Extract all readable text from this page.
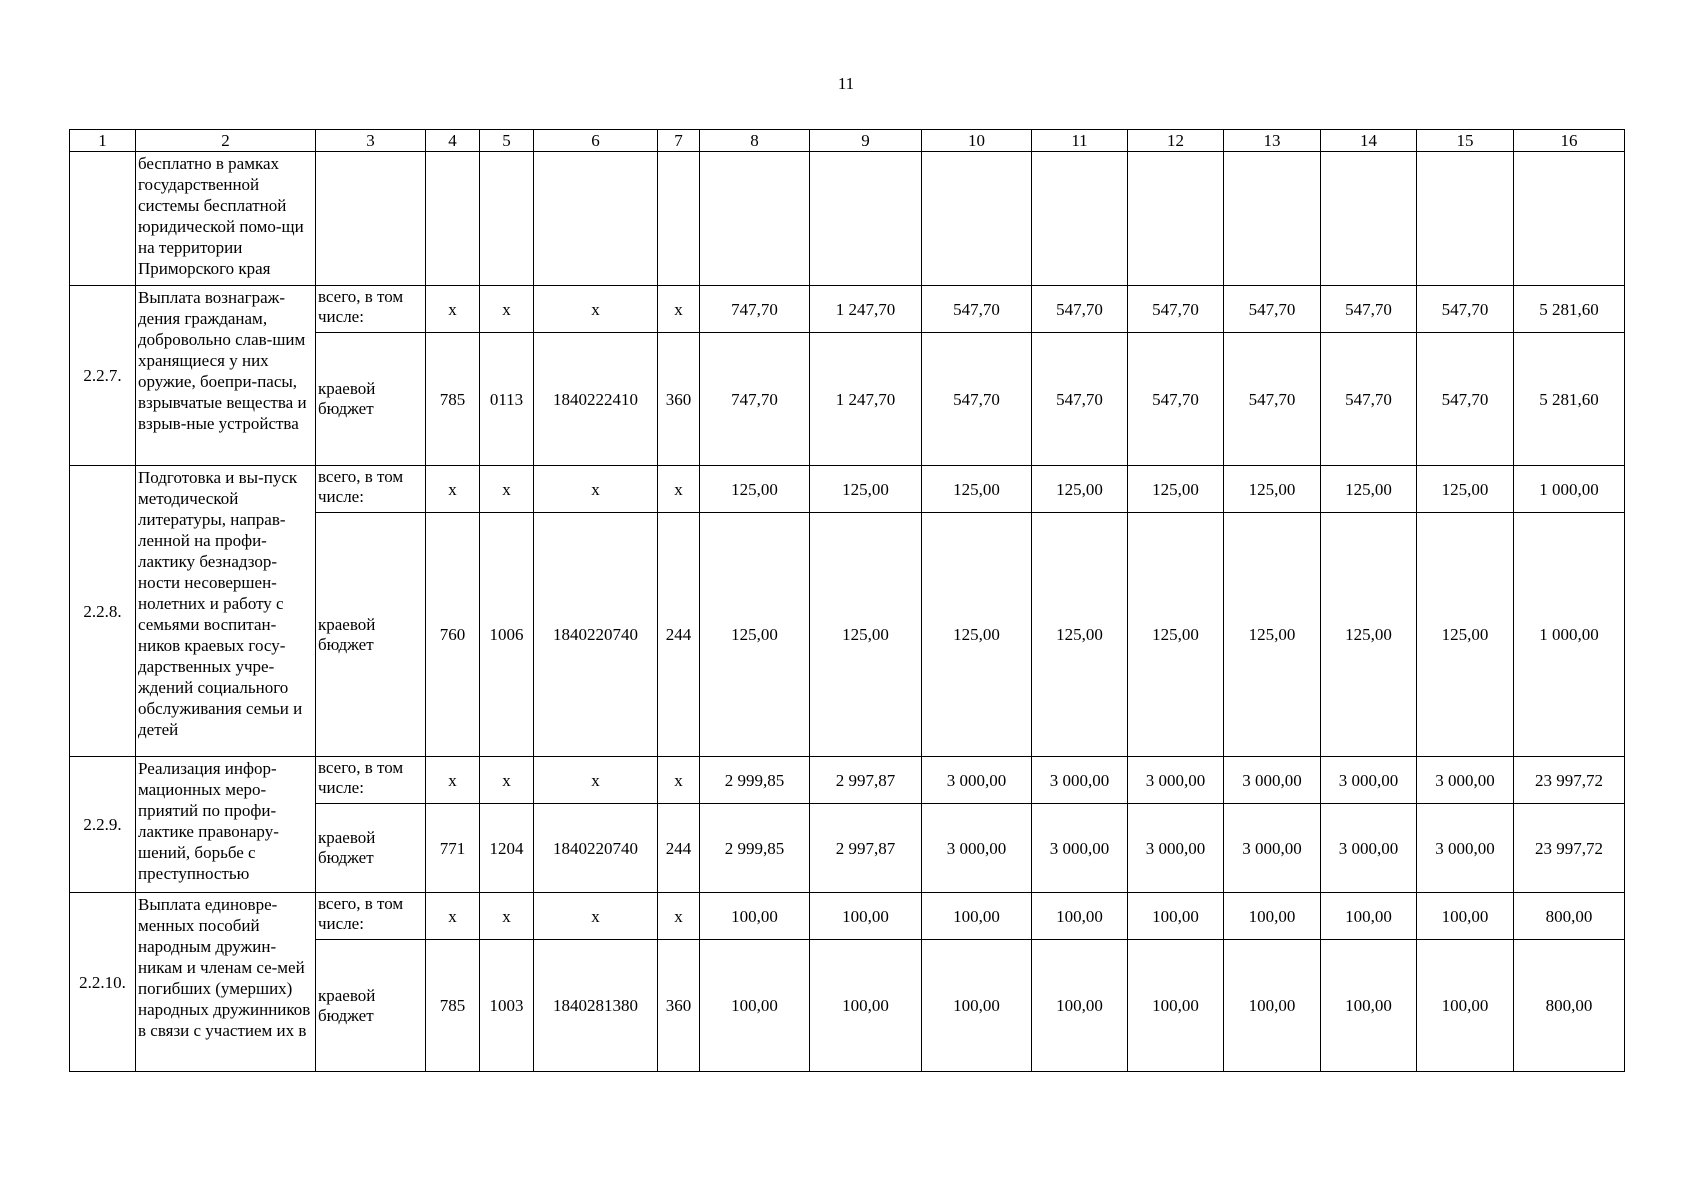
11
1	2	3	4	5	6	7	8	9	10	11	12	13	14	15	16
	бесплатно в рамках государственной системы бесплатной юридической помо-щи на территории Приморского края														
2.2.7.	Выплата вознаграж-дения гражданам, добровольно слав-шим хранящиеся у них оружие, боепри-пасы, взрывчатые вещества и взрыв-ные устройства	всего, в том числе:	x	x	x	x	747,70	1 247,70	547,70	547,70	547,70	547,70	547,70	547,70	5 281,60
		краевой бюджет	785	0113	1840222410	360	747,70	1 247,70	547,70	547,70	547,70	547,70	547,70	547,70	5 281,60
2.2.8.	Подготовка и вы-пуск методической литературы, направ-ленной на профи-лактику безнадзор-ности несовершен-нолетних и работу с семьями воспитан-ников краевых госу-дарственных учре-ждений социального обслуживания семьи и детей	всего, в том числе:	x	x	x	x	125,00	125,00	125,00	125,00	125,00	125,00	125,00	125,00	1 000,00
		краевой бюджет	760	1006	1840220740	244	125,00	125,00	125,00	125,00	125,00	125,00	125,00	125,00	1 000,00
2.2.9.	Реализация инфор-мационных меро-приятий по профи-лактике правонару-шений, борьбе с преступностью	всего, в том числе:	x	x	x	x	2 999,85	2 997,87	3 000,00	3 000,00	3 000,00	3 000,00	3 000,00	3 000,00	23 997,72
		краевой бюджет	771	1204	1840220740	244	2 999,85	2 997,87	3 000,00	3 000,00	3 000,00	3 000,00	3 000,00	3 000,00	23 997,72
2.2.10.	Выплата единовре-менных пособий народным дружин-никам и членам се-мей погибших (умерших) народных дружинников в связи с участием их в	всего, в том числе:	x	x	x	x	100,00	100,00	100,00	100,00	100,00	100,00	100,00	100,00	800,00
		краевой бюджет	785	1003	1840281380	360	100,00	100,00	100,00	100,00	100,00	100,00	100,00	100,00	800,00
